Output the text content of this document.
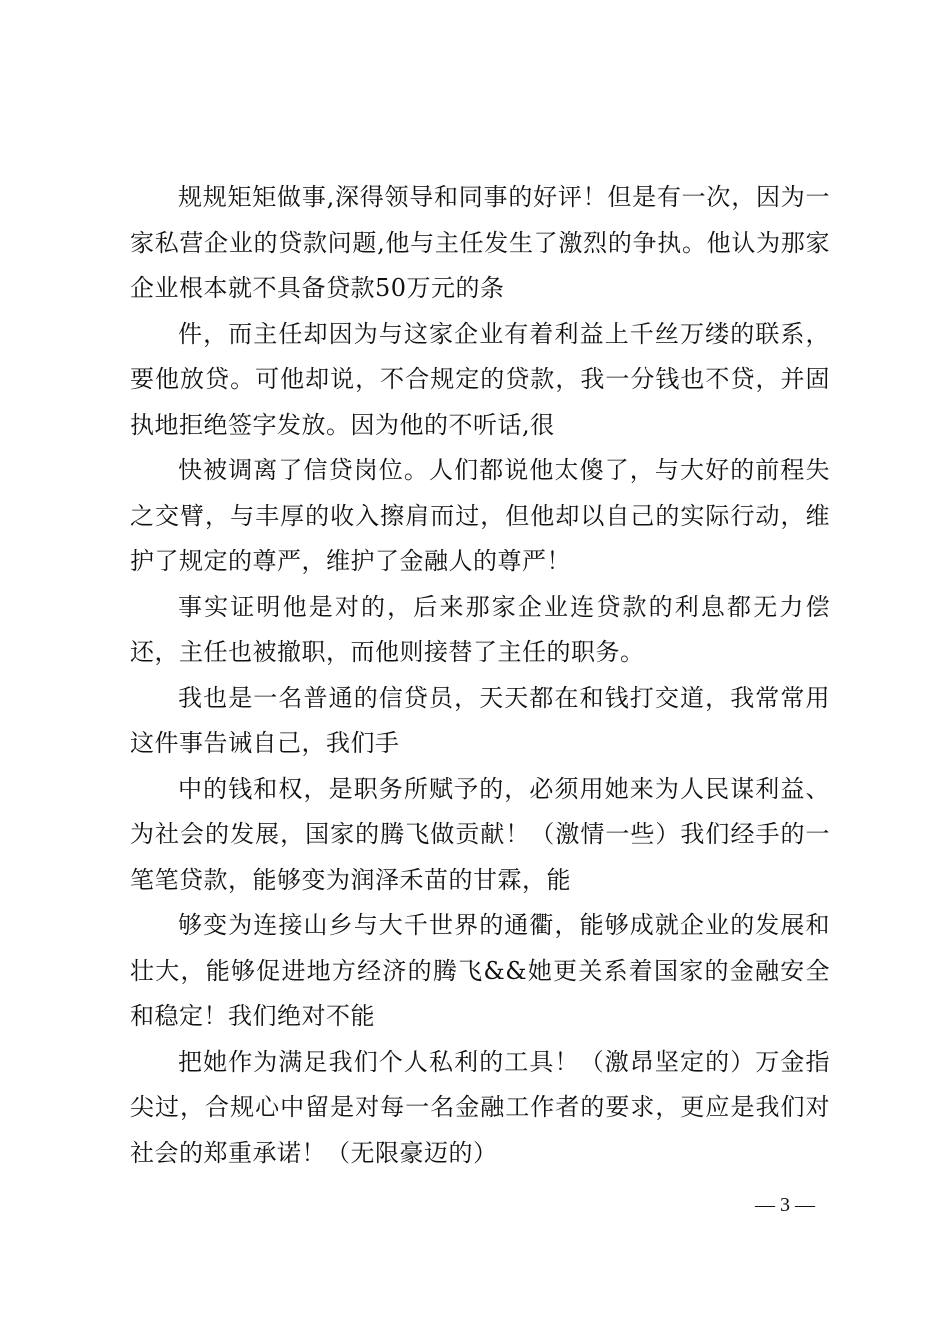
规规矩矩做事,深得领导和同事的好评！但是有一次，因为一家私营企业的贷款问题,他与主任发生了激烈的争执。他认为那家企业根本就不具备贷款50万元的条

件，而主任却因为与这家企业有着利益上千丝万缕的联系，要他放贷。可他却说，不合规定的贷款，我一分钱也不贷，并固执地拒绝签字发放。因为他的不听话,很

快被调离了信贷岗位。人们都说他太傻了，与大好的前程失之交臂，与丰厚的收入擦肩而过，但他却以自己的实际行动，维护了规定的尊严，维护了金融人的尊严！

事实证明他是对的，后来那家企业连贷款的利息都无力偿还，主任也被撤职，而他则接替了主任的职务。

我也是一名普通的信贷员，天天都在和钱打交道，我常常用这件事告诫自己，我们手

中的钱和权，是职务所赋予的，必须用她来为人民谋利益、为社会的发展，国家的腾飞做贡献！（激情一些）我们经手的一笔笔贷款，能够变为润泽禾苗的甘霖，能

够变为连接山乡与大千世界的通衢，能够成就企业的发展和壮大，能够促进地方经济的腾飞&&她更关系着国家的金融安全和稳定！我们绝对不能

把她作为满足我们个人私利的工具！（激昂坚定的）万金指尖过，合规心中留是对每一名金融工作者的要求，更应是我们对社会的郑重承诺！（无限豪迈的）

— 3 —
